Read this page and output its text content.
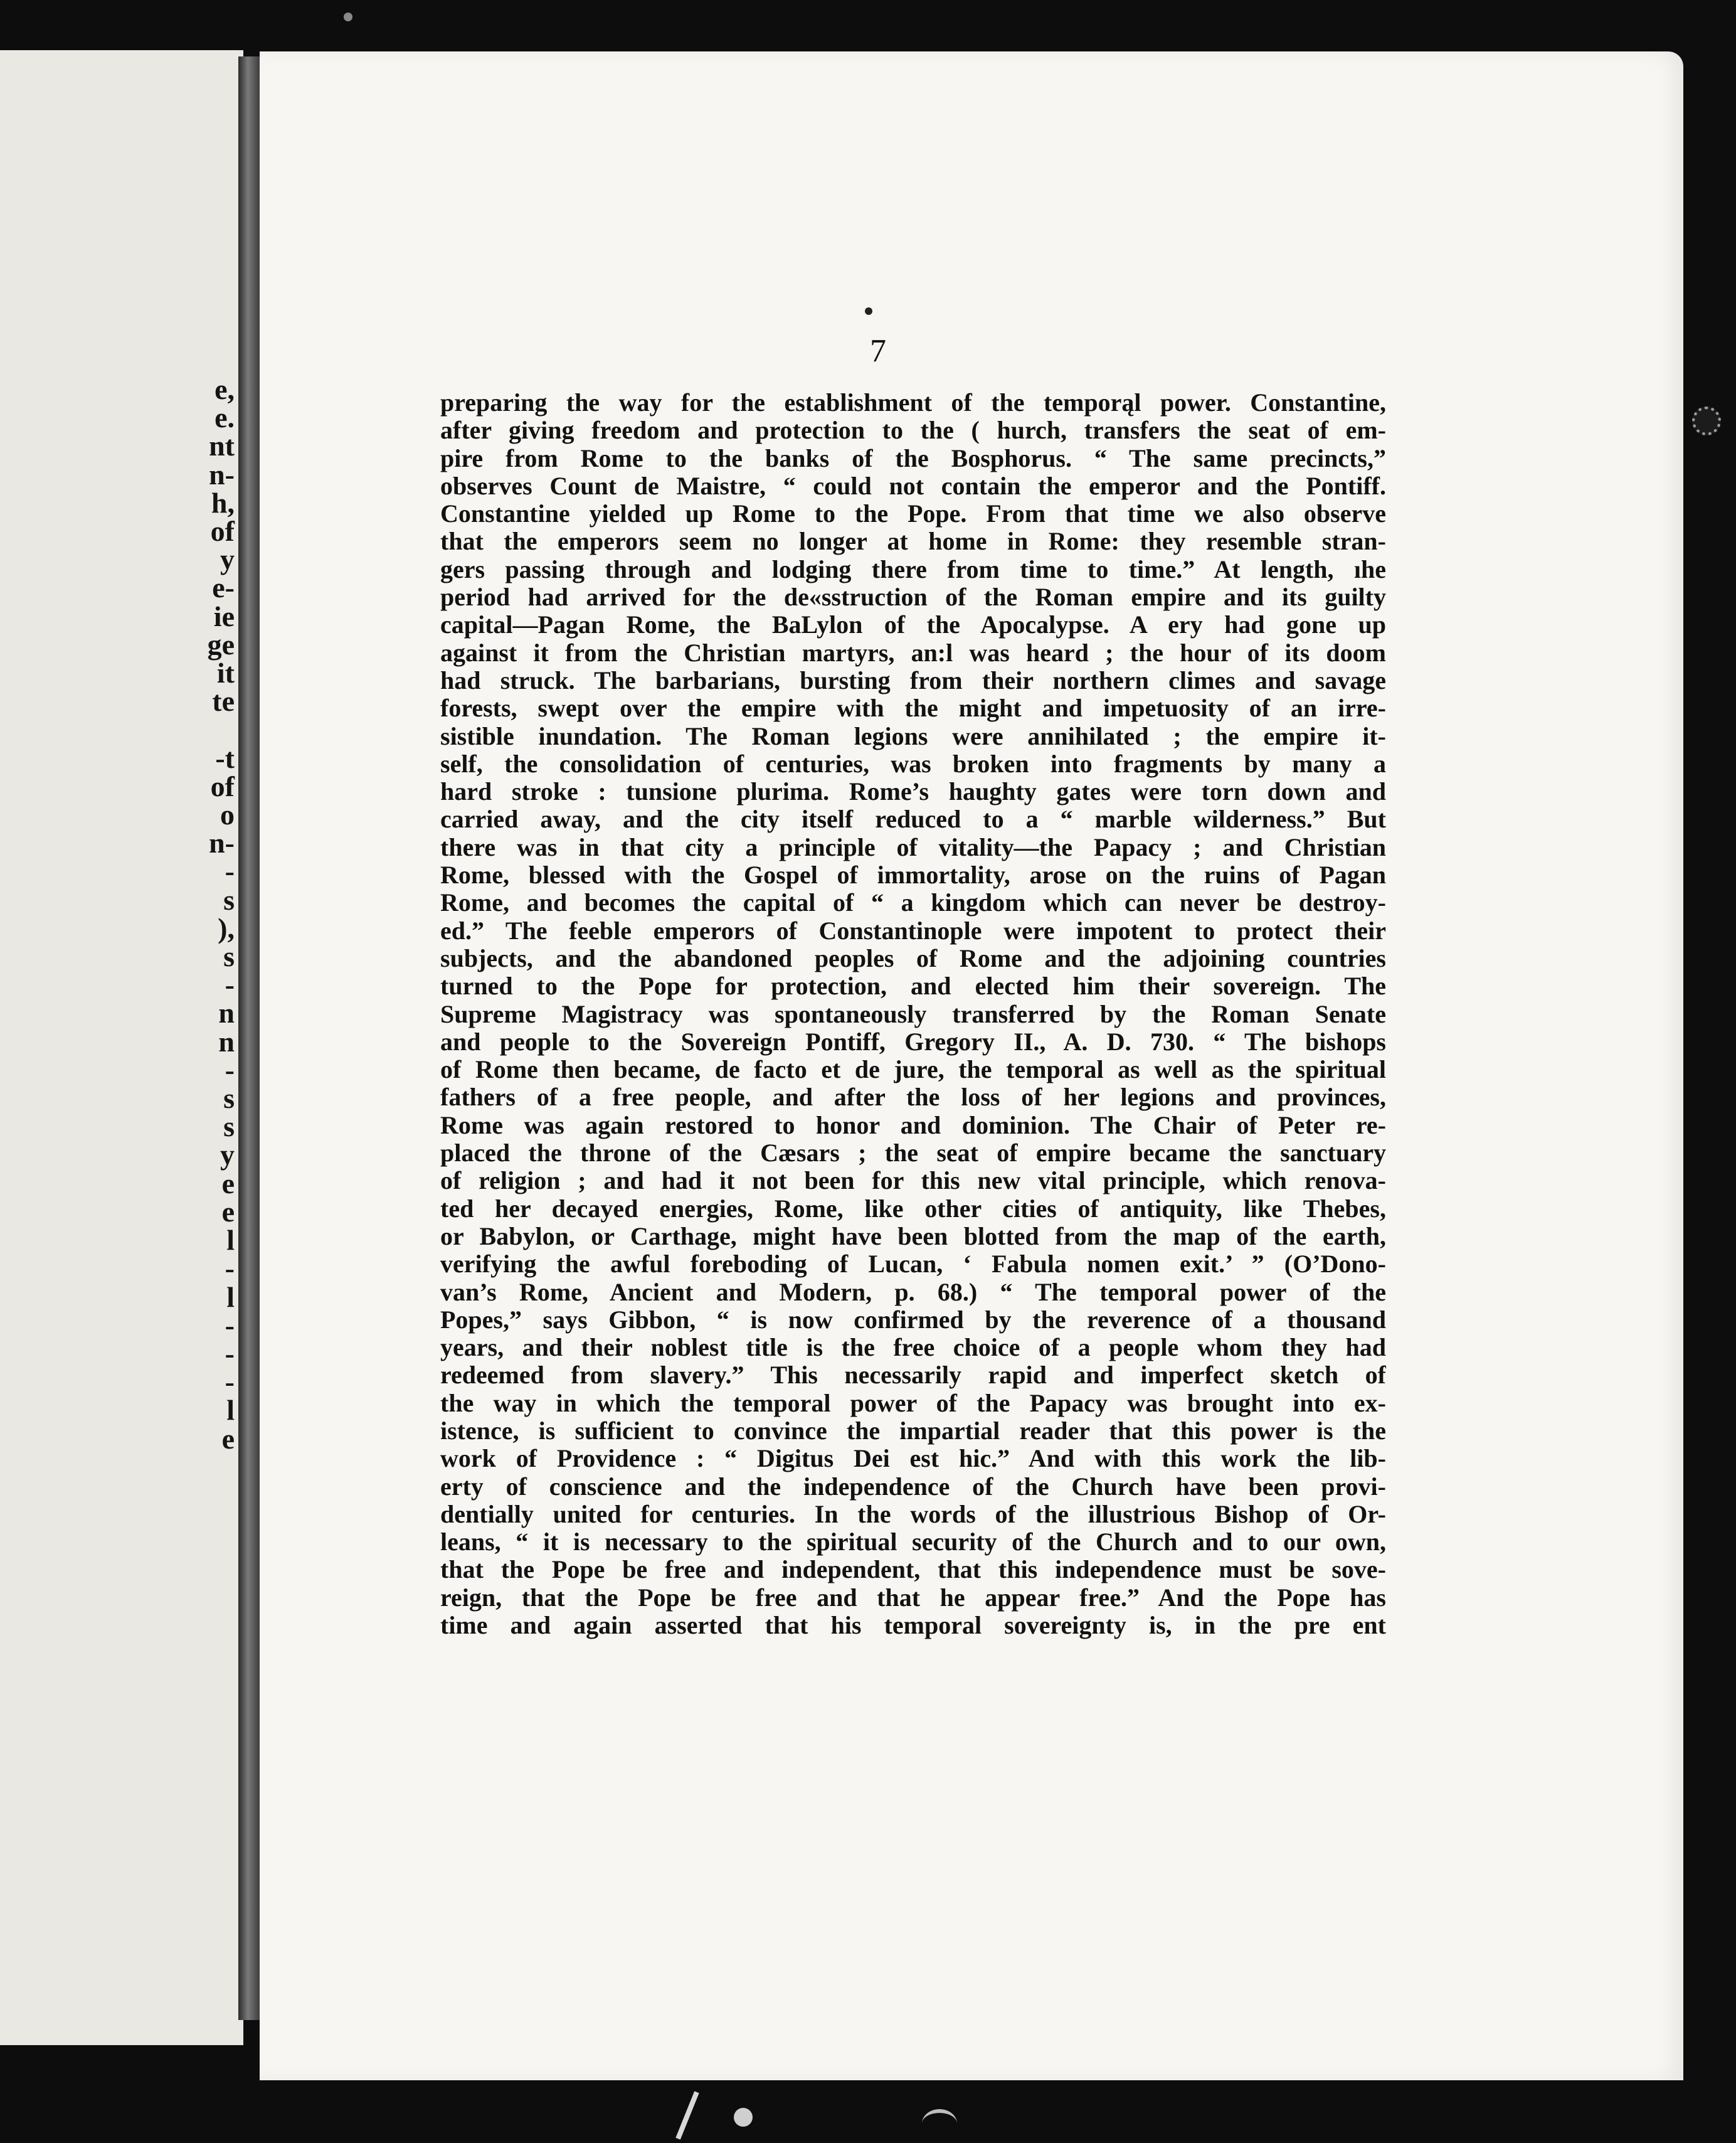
e,
e.
nt
n-
h,
of
y
e-
ie
ge
it
te

-t
of
o
n-
-
s
),
s
-
n
n
-
s
s
y
e
e
l
-
l
-
-
-
l
e
7
preparing the way for the establishment of the temporąl power. Constantine,
after giving freedom and protection to the ( hurch, transfers the seat of em-
pire from Rome to the banks of the Bosphorus. “ The same precincts,”
observes Count de Maistre, “ could not contain the emperor and the Pontiff.
Constantine yielded up Rome to the Pope. From that time we also observe
that the emperors seem no longer at home in Rome: they resemble stran-
gers passing through and lodging there from time to time.” At length, ıhe
period had arrived for the de«sstruction of the Roman empire and its guilty
capital—Pagan Rome, the BaLylon of the Apocalypse. A ery had gone up
against it from the Christian martyrs, an:l was heard ; the hour of its doom
had struck. The barbarians, bursting from their northern climes and savage
forests, swept over the empire with the might and impetuosity of an irre-
sistible inundation. The Roman legions were annihilated ; the empire it-
self, the consolidation of centuries, was broken into fragments by many a
hard stroke : tunsione plurima. Rome’s haughty gates were torn down and
carried away, and the city itself reduced to a “ marble wilderness.” But
there was in that city a principle of vitality—the Papacy ; and Christian
Rome, blessed with the Gospel of immortality, arose on the ruins of Pagan
Rome, and becomes the capital of “ a kingdom which can never be destroy-
ed.” The feeble emperors of Constantinople were impotent to protect their
subjects, and the abandoned peoples of Rome and the adjoining countries
turned to the Pope for protection, and elected him their sovereign. The
Supreme Magistracy was spontaneously transferred by the Roman Senate
and people to the Sovereign Pontiff, Gregory II., A. D. 730. “ The bishops
of Rome then became, de facto et de jure, the temporal as well as the spiritual
fathers of a free people, and after the loss of her legions and provinces,
Rome was again restored to honor and dominion. The Chair of Peter re-
placed the throne of the Cæsars ; the seat of empire became the sanctuary
of religion ; and had it not been for this new vital principle, which renova-
ted her decayed energies, Rome, like other cities of antiquity, like Thebes,
or Babylon, or Carthage, might have been blotted from the map of the earth,
verifying the awful foreboding of Lucan, ‘ Fabula nomen exit.’ ” (O’Dono-
van’s Rome, Ancient and Modern, p. 68.) “ The temporal power of the
Popes,” says Gibbon, “ is now confirmed by the reverence of a thousand
years, and their noblest title is the free choice of a people whom they had
redeemed from slavery.” This necessarily rapid and imperfect sketch of
the way in which the temporal power of the Papacy was brought into ex-
istence, is sufficient to convince the impartial reader that this power is the
work of Providence : “ Digitus Dei est hic.” And with this work the lib-
erty of conscience and the independence of the Church have been provi-
dentially united for centuries. In the words of the illustrious Bishop of Or-
leans, “ it is necessary to the spiritual security of the Church and to our own,
that the Pope be free and independent, that this independence must be sove-
reign, that the Pope be free and that he appear free.” And the Pope has
time and again asserted that his temporal sovereignty is, in the pre ent
